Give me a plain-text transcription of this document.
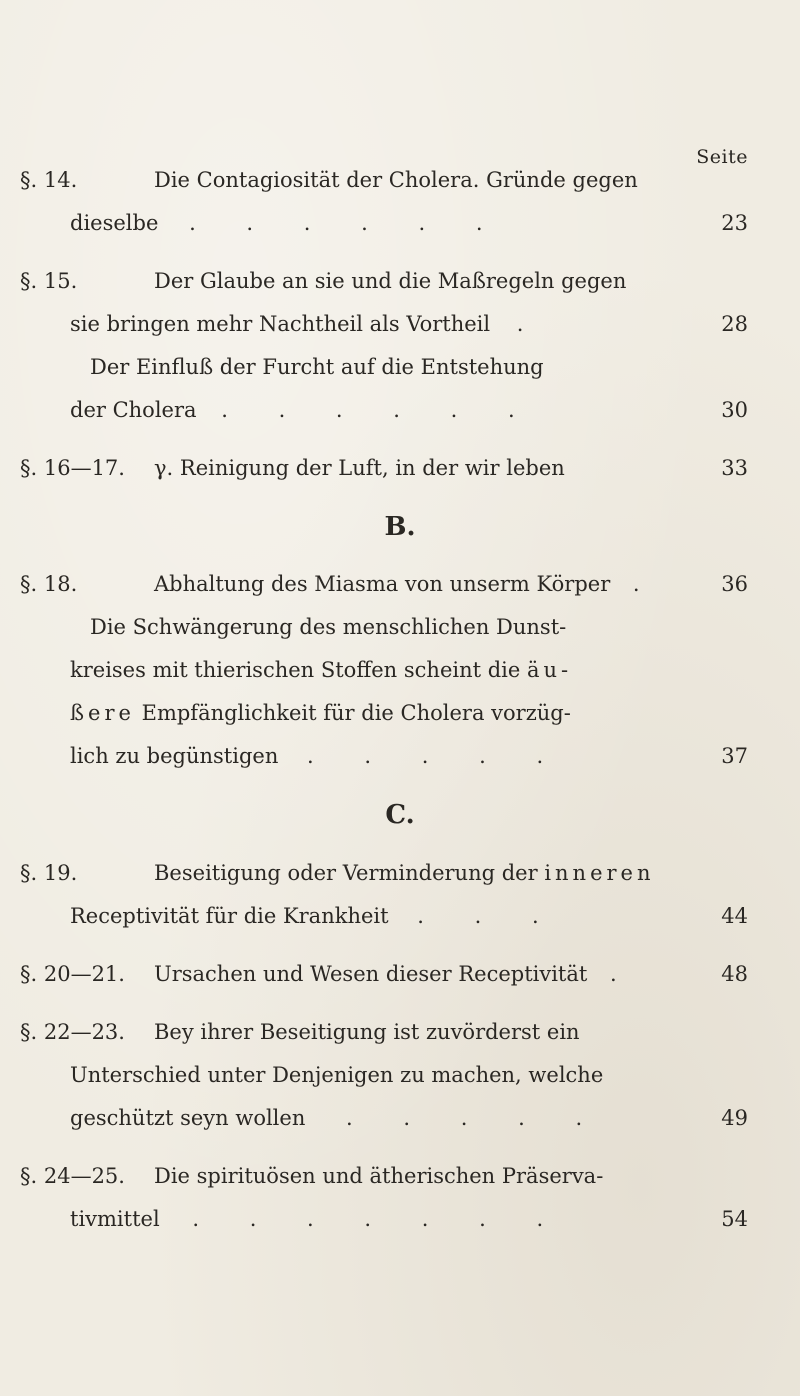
Seite
§. 14.	Die Contagiosität der Cholera. Gründe gegen
dieselbe . . . . . .	23
§. 15.	Der Glaube an sie und die Maßregeln gegen
sie bringen mehr Nachtheil als Vortheil .	28
Der Einfluß der Furcht auf die Entstehung
der Cholera . . . . . .	30
§. 16—17. γ. Reinigung der Luft, in der wir leben	33
B.
§. 18.	Abhaltung des Miasma von unserm Körper .	36
Die Schwängerung des menschlichen Dunst-
kreises mit thierischen Stoffen scheint die äu-
ßere Empfänglichkeit für die Cholera vorzüg-
lich zu begünstigen . . . . .	37
C.
§. 19.	Beseitigung oder Verminderung der inneren
Receptivität für die Krankheit . . .	44
§. 20—21. Ursachen und Wesen dieser Receptivität .	48
§. 22—23. Bey ihrer Beseitigung ist zuvörderst ein
Unterschied unter Denjenigen zu machen, welche
geschützt seyn wollen . . . . .	49
§. 24—25. Die spirituösen und ätherischen Präserva-
tivmittel . . . . . . .	54
